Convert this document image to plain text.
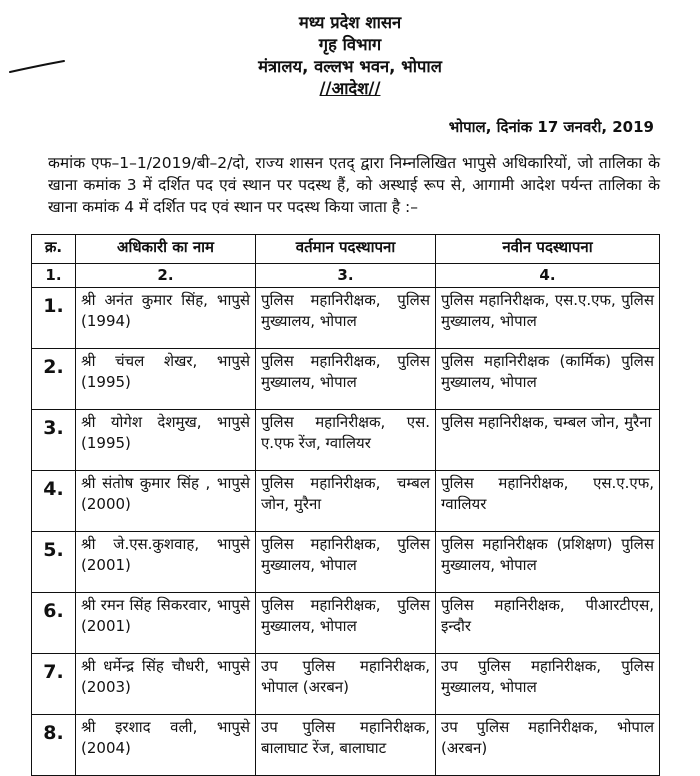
मध्य प्रदेश शासन
गृह विभाग
मंत्रालय, वल्लभ भवन, भोपाल
//आदेश//
भोपाल, दिनांक 17 जनवरी, 2019
कमांक एफ–1–1/2019/बी–2/दो, राज्य शासन एतद् द्वारा निम्नलिखित भापुसे अधिकारियों, जो तालिका के खाना कमांक 3 में दर्शित पद एवं स्थान पर पदस्थ हैं, को अस्थाई रूप से, आगामी आदेश पर्यन्त तालिका के खाना कमांक 4 में दर्शित पद एवं स्थान पर पदस्थ किया जाता है :–
क्र.	अधिकारी का नाम	वर्तमान पदस्थापना	नवीन पदस्थापना
1.	2.	3.	4.
1.	श्री अनंत कुमार सिंह, भापुसे (1994)	पुलिस महानिरीक्षक, पुलिस मुख्यालय, भोपाल	पुलिस महानिरीक्षक, एस.ए.एफ, पुलिस मुख्यालय, भोपाल
2.	श्री चंचल शेखर, भापुसे (1995)	पुलिस महानिरीक्षक, पुलिस मुख्यालय, भोपाल	पुलिस महानिरीक्षक (कार्मिक) पुलिस मुख्यालय, भोपाल
3.	श्री योगेश देशमुख, भापुसे (1995)	पुलिस महानिरीक्षक, एस. ए.एफ रेंज, ग्वालियर	पुलिस महानिरीक्षक, चम्बल जोन, मुरैना
4.	श्री संतोष कुमार सिंह , भापुसे (2000)	पुलिस महानिरीक्षक, चम्बल जोन, मुरैना	पुलिस महानिरीक्षक, एस.ए.एफ, ग्वालियर
5.	श्री जे.एस.कुशवाह, भापुसे (2001)	पुलिस महानिरीक्षक, पुलिस मुख्यालय, भोपाल	पुलिस महानिरीक्षक (प्रशिक्षण) पुलिस मुख्यालय, भोपाल
6.	श्री रमन सिंह सिकरवार, भापुसे (2001)	पुलिस महानिरीक्षक, पुलिस मुख्यालय, भोपाल	पुलिस महानिरीक्षक, पीआरटीएस, इन्दौर
7.	श्री धर्मेन्द्र सिंह चौधरी, भापुसे (2003)	उप पुलिस महानिरीक्षक, भोपाल (अरबन)	उप पुलिस महानिरीक्षक, पुलिस मुख्यालय, भोपाल
8.	श्री इरशाद वली, भापुसे (2004)	उप पुलिस महानिरीक्षक, बालाघाट रेंज, बालाघाट	उप पुलिस महानिरीक्षक, भोपाल (अरबन)
